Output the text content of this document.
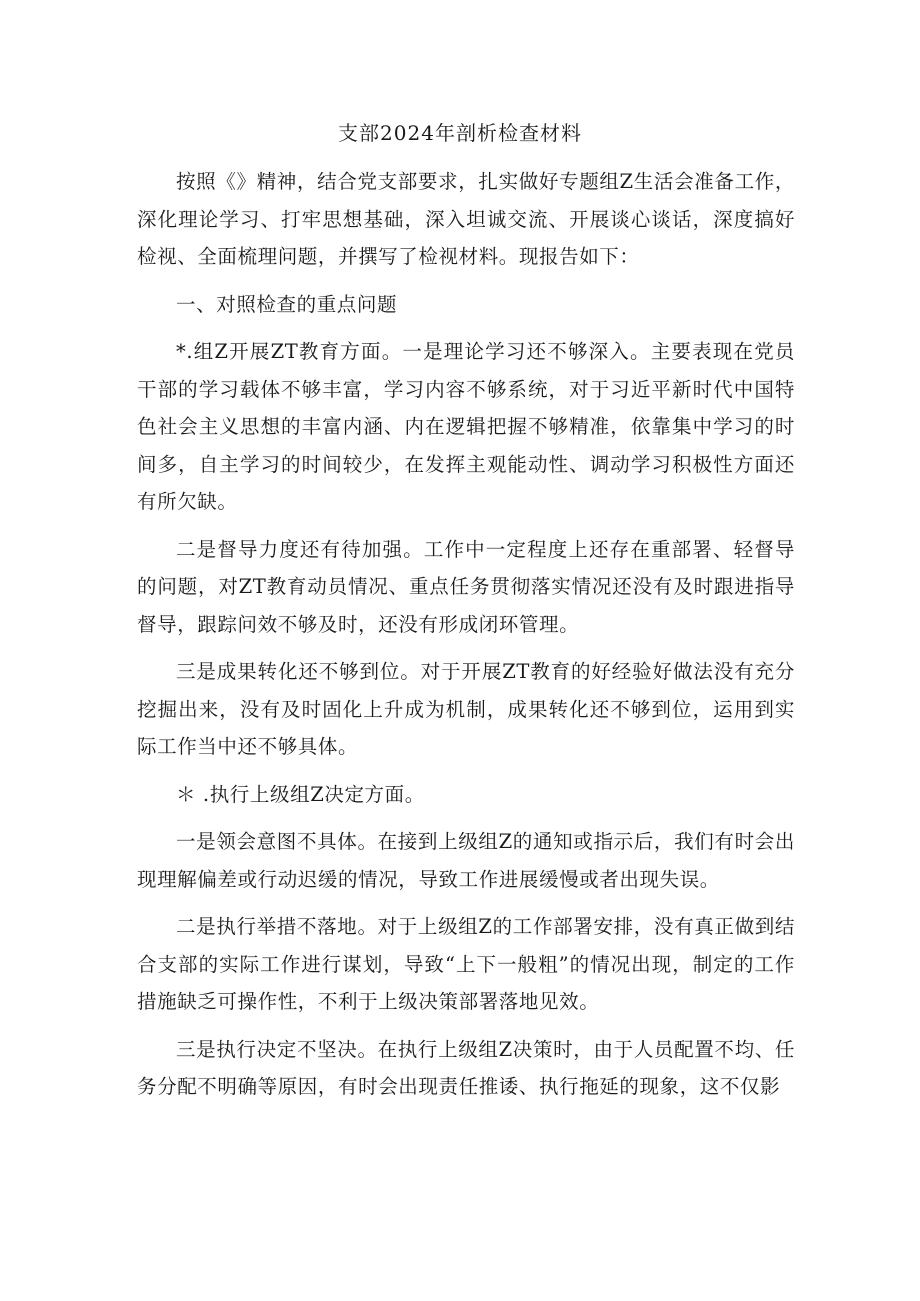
支部2024年剖析检查材料

按照《》精神，结合党支部要求，扎实做好专题组Z生活会准备工作，深化理论学习、打牢思想基础，深入坦诚交流、开展谈心谈话，深度搞好检视、全面梳理问题，并撰写了检视材料。现报告如下：

一、对照检查的重点问题

*.组Z开展ZT教育方面。一是理论学习还不够深入。主要表现在党员干部的学习载体不够丰富，学习内容不够系统，对于习近平新时代中国特色社会主义思想的丰富内涵、内在逻辑把握不够精准，依靠集中学习的时间多，自主学习的时间较少，在发挥主观能动性、调动学习积极性方面还有所欠缺。

二是督导力度还有待加强。工作中一定程度上还存在重部署、轻督导的问题，对ZT教育动员情况、重点任务贯彻落实情况还没有及时跟进指导督导，跟踪问效不够及时，还没有形成闭环管理。

三是成果转化还不够到位。对于开展ZT教育的好经验好做法没有充分挖掘出来，没有及时固化上升成为机制，成果转化还不够到位，运用到实际工作当中还不够具体。

＊ .执行上级组Z决定方面。

一是领会意图不具体。在接到上级组Z的通知或指示后，我们有时会出现理解偏差或行动迟缓的情况，导致工作进展缓慢或者出现失误。

二是执行举措不落地。对于上级组Z的工作部署安排，没有真正做到结合支部的实际工作进行谋划，导致“上下一般粗”的情况出现，制定的工作措施缺乏可操作性，不利于上级决策部署落地见效。

三是执行决定不坚决。在执行上级组Z决策时，由于人员配置不均、任务分配不明确等原因，有时会出现责任推诿、执行拖延的现象，这不仅影
